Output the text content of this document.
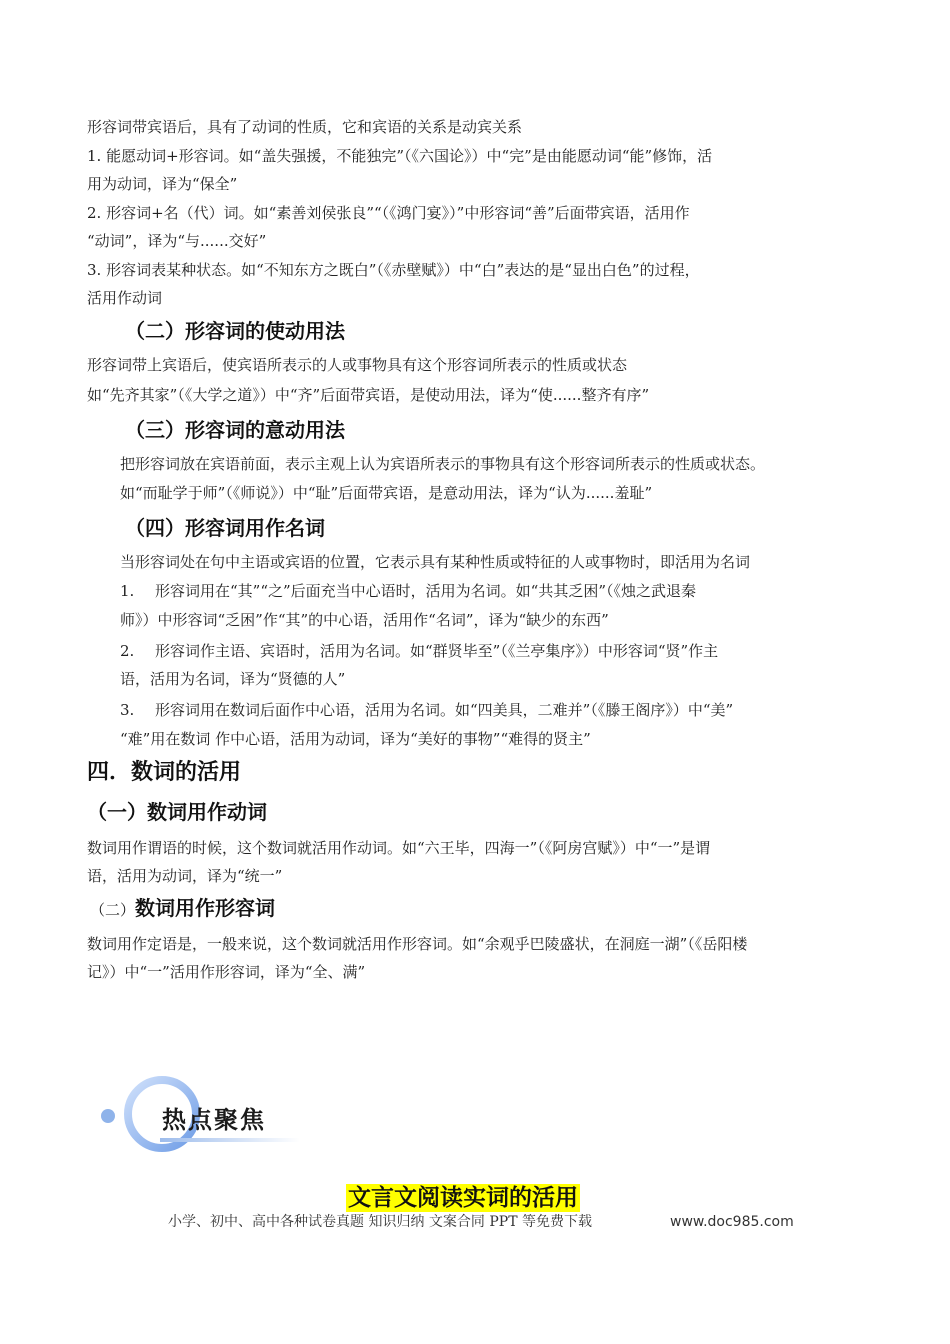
形容词带宾语后，具有了动词的性质，它和宾语的关系是动宾关系
1. 能愿动词+形容词。如“盖失强援，不能独完”（《六国论》）中“完”是由能愿动词“能”修饰，活
用为动词，译为“保全”
2. 形容词+名（代）词。如“素善刘侯张良”“（《鸿门宴》）”中形容词“善”后面带宾语，活用作
“动词”，译为“与......交好”
3. 形容词表某种状态。如“不知东方之既白”（《赤壁赋》）中“白”表达的是“显出白色”的过程，
活用作动词
（二）形容词的使动用法
形容词带上宾语后，使宾语所表示的人或事物具有这个形容词所表示的性质或状态
如“先齐其家”（《大学之道》）中“齐”后面带宾语，是使动用法，译为“使......整齐有序”
（三）形容词的意动用法
把形容词放在宾语前面，表示主观上认为宾语所表示的事物具有这个形容词所表示的性质或状态。
如“而耻学于师”（《师说》）中“耻”后面带宾语，是意动用法，译为“认为......羞耻”
（四）形容词用作名词
当形容词处在句中主语或宾语的位置，它表示具有某种性质或特征的人或事物时，即活用为名词
1. 形容词用在“其”“之”后面充当中心语时，活用为名词。如“共其乏困”（《烛之武退秦
师》）中形容词“乏困”作“其”的中心语，活用作“名词”，译为“缺少的东西”
2. 形容词作主语、宾语时，活用为名词。如“群贤毕至”（《兰亭集序》）中形容词“贤”作主
语，活用为名词，译为“贤德的人”
3. 形容词用在数词后面作中心语，活用为名词。如“四美具，二难并”（《滕王阁序》）中“美”
“难”用在数词 作中心语，活用为动词，译为“美好的事物”“难得的贤主”
四．数词的活用
（一）数词用作动词
数词用作谓语的时候，这个数词就活用作动词。如“六王毕，四海一”（《阿房宫赋》）中“一”是谓
语，活用为动词，译为“统一”
（二）数词用作形容词
数词用作定语是，一般来说，这个数词就活用作形容词。如“余观乎巴陵盛状，在洞庭一湖”（《岳阳楼
记》）中“一”活用作形容词，译为“全、满”
热点聚焦
文言文阅读实词的活用
小学、初中、高中各种试卷真题 知识归纳 文案合同 PPT 等免费下载	www.doc985.com
